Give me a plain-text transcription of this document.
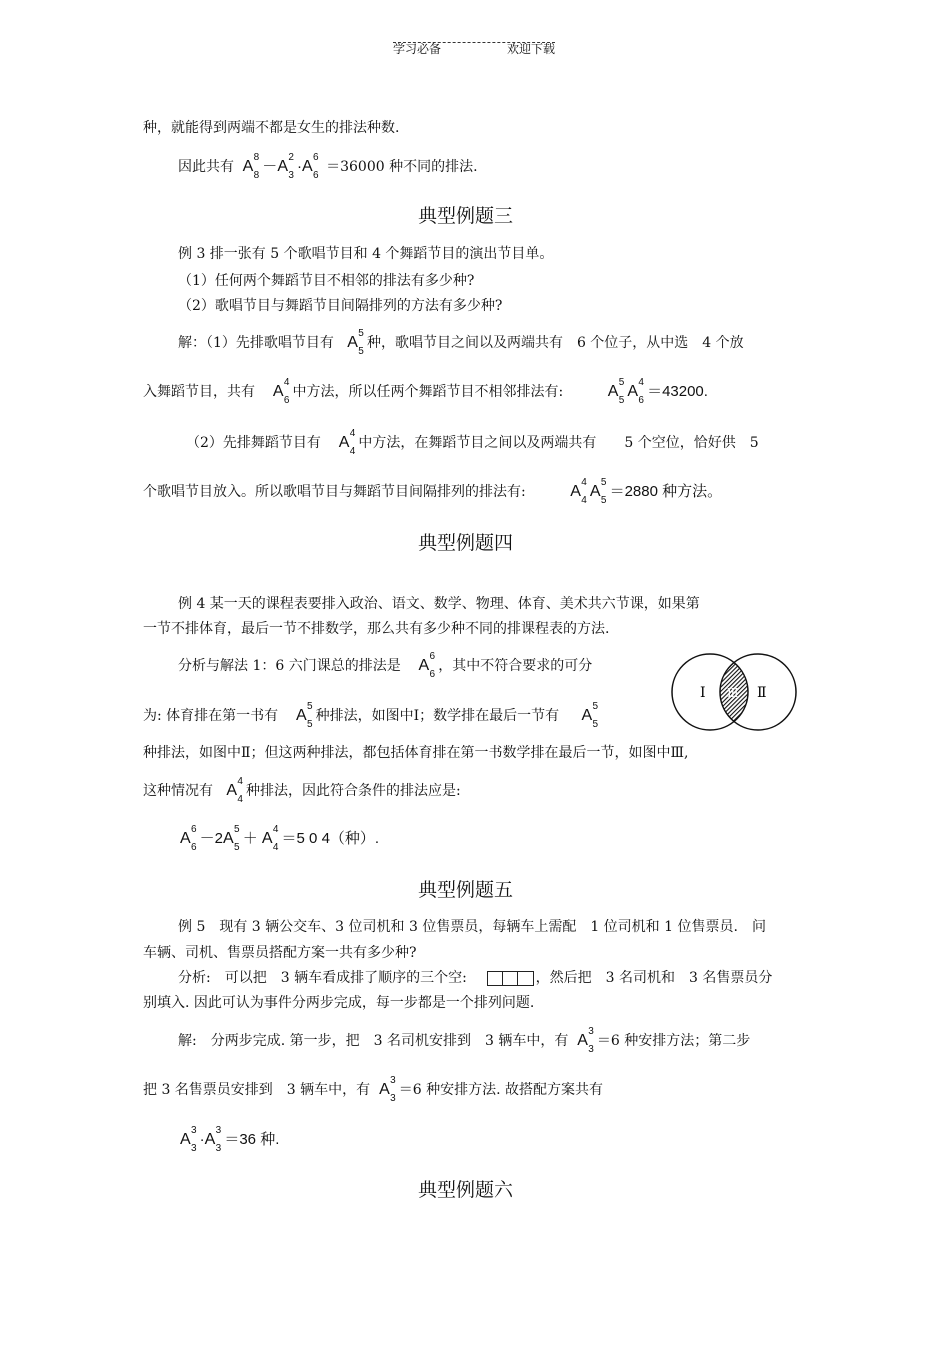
学习必备	欢迎下载
种，就能得到两端不都是女生的排法种数.
因此共有 A
8
8
－A
2
3
·A
6
6
＝36000 种不同的排法.
典型例题三
例 3 排一张有 5 个歌唱节目和 4 个舞蹈节目的演出节目单。
（1）任何两个舞蹈节目不相邻的排法有多少种?
（2）歌唱节目与舞蹈节目间隔排列的方法有多少种?
解：（1）先排歌唱节目有 A
5
5
种，歌唱节目之间以及两端共有　6 个位子，从中选　4 个放
入舞蹈节目，共有 A
4
6
中方法，所以任两个舞蹈节目不相邻排法有:	A
5
5
A
4
6
＝43200.
（2）先排舞蹈节目有 A
4
4
中方法，在舞蹈节目之间以及两端共有　　5 个空位，恰好供　5
个歌唱节目放入。所以歌唱节目与舞蹈节目间隔排列的排法有:	A
4
4
A
5
5
＝2880 种方法。
典型例题四
例 4 某一天的课程表要排入政治、语文、数学、物理、体育、美术共六节课，如果第
一节不排体育，最后一节不排数学，那么共有多少种不同的排课程表的方法.
分析与解法 1：6 六门课总的排法是 A
6
6
，其中不符合要求的可分
Ⅰ	Ⅱ
Ⅲ
为: 体育排在第一书有 A
5
5
种排法，如图中Ⅰ；数学排在最后一节有 A
5
5
种排法，如图中Ⅱ；但这两种排法，都包括体育排在第一书数学排在最后一节，如图中Ⅲ,
这种情况有 A
4
4
种排法，因此符合条件的排法应是:
A
6
6
－2A
5
5
＋ A
4
4
＝5 0 4（种）.
典型例题五
例 5　现有 3 辆公交车、3 位司机和 3 位售票员，每辆车上需配　1 位司机和 1 位售票员.　问
车辆、司机、售票员搭配方案一共有多少种?
分析:　可以把　3 辆车看成排了顺序的三个空:	，然后把　3 名司机和　3 名售票员分
别填入. 因此可认为事件分两步完成，每一步都是一个排列问题.
解:　分两步完成. 第一步，把　3 名司机安排到　3 辆车中，有 A
3
3
＝6 种安排方法；第二步
把 3 名售票员安排到　3 辆车中，有 A
3
3
＝6 种安排方法. 故搭配方案共有
A
3
3
·A
3
3
＝36 种.
典型例题六
